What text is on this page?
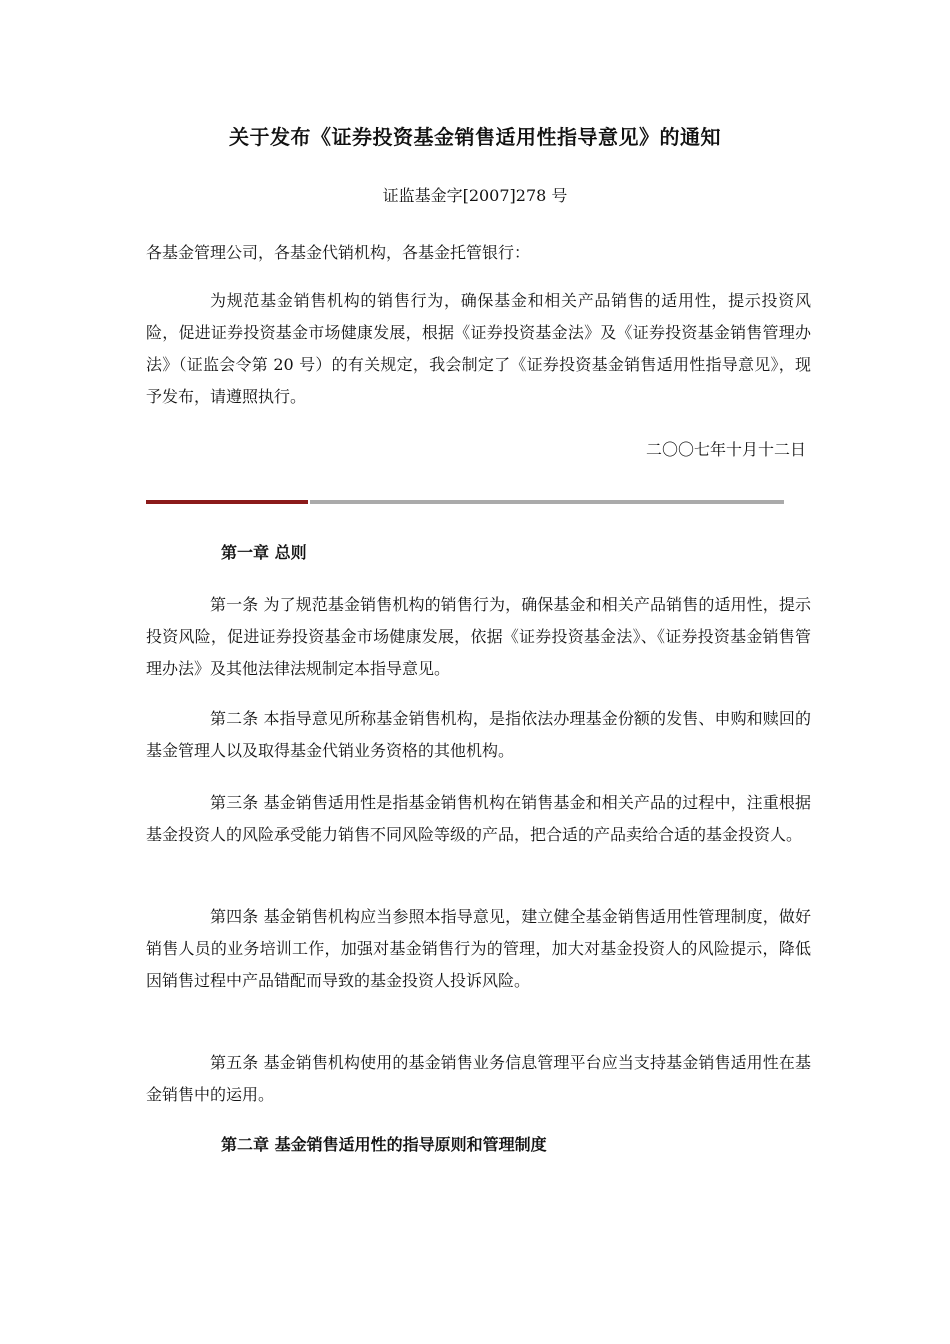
关于发布《证券投资基金销售适用性指导意见》的通知
证监基金字[2007]278 号
各基金管理公司，各基金代销机构，各基金托管银行：
为规范基金销售机构的销售行为，确保基金和相关产品销售的适用性，提示投资风险，促进证券投资基金市场健康发展，根据《证券投资基金法》及《证券投资基金销售管理办法》（证监会令第 20 号）的有关规定，我会制定了《证券投资基金销售适用性指导意见》，现予发布，请遵照执行。
二〇〇七年十月十二日
第一章 总则
第一条 为了规范基金销售机构的销售行为，确保基金和相关产品销售的适用性，提示投资风险，促进证券投资基金市场健康发展，依据《证券投资基金法》、《证券投资基金销售管理办法》及其他法律法规制定本指导意见。
第二条 本指导意见所称基金销售机构，是指依法办理基金份额的发售、申购和赎回的基金管理人以及取得基金代销业务资格的其他机构。
第三条 基金销售适用性是指基金销售机构在销售基金和相关产品的过程中，注重根据基金投资人的风险承受能力销售不同风险等级的产品，把合适的产品卖给合适的基金投资人。
第四条 基金销售机构应当参照本指导意见，建立健全基金销售适用性管理制度，做好销售人员的业务培训工作，加强对基金销售行为的管理，加大对基金投资人的风险提示，降低因销售过程中产品错配而导致的基金投资人投诉风险。
第五条 基金销售机构使用的基金销售业务信息管理平台应当支持基金销售适用性在基金销售中的运用。
第二章 基金销售适用性的指导原则和管理制度
